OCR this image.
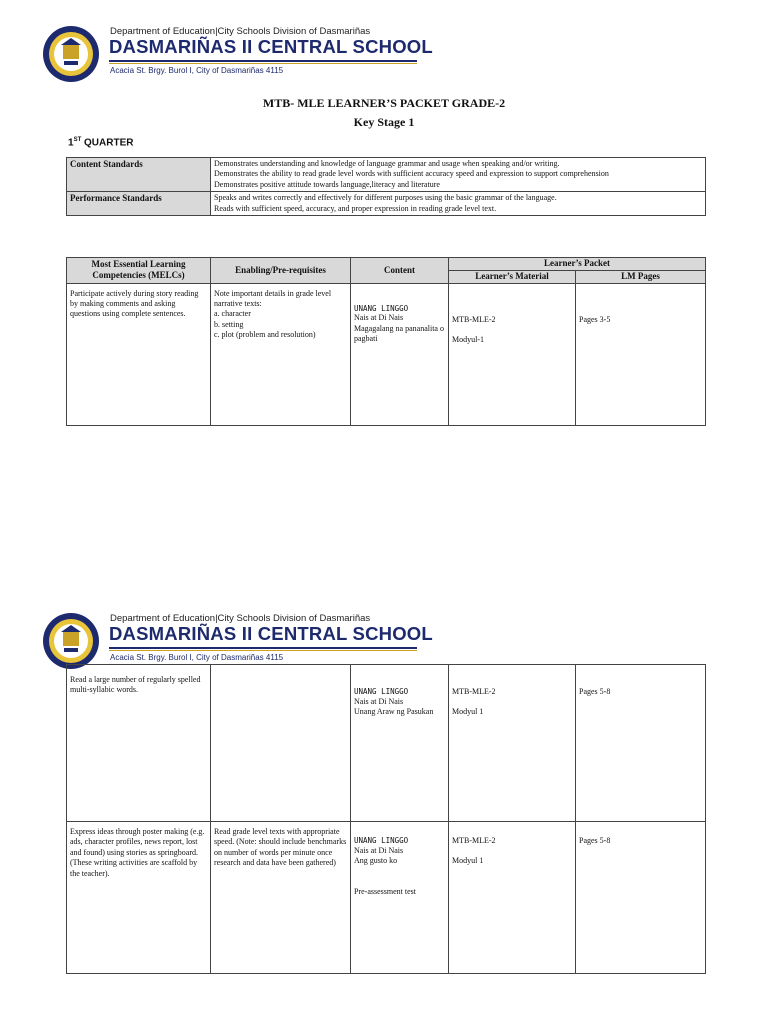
Department of Education|City Schools Division of Dasmariñas
DASMARIÑAS II CENTRAL SCHOOL
Acacia St. Brgy. Burol I, City of Dasmariñas 4115
MTB- MLE LEARNER’S PACKET GRADE-2
Key Stage 1
1ST QUARTER
Content Standards	Demonstrates understanding and knowledge of language grammar and usage when speaking and/or writing.
Demonstrates the ability to read grade level words with sufficient accuracy speed and expression to support comprehension
Demonstrates positive attitude towards language,literacy and literature

Performance Standards	Speaks and writes correctly and effectively for different purposes using the basic grammar of the language.
Reads with sufficient speed, accuracy, and proper expression in reading grade level text.
Most Essential Learning Competencies (MELCs)	Enabling/Pre-requisites	Content	Learner’s Packet	
			Learner’s Material	LM Pages
Participate actively during story reading by making comments and asking questions using complete sentences.	Note important details in grade level narrative texts:
a. character
b. setting
c. plot (problem and resolution)	UNANG LINGGO
Nais at Di Nais
Magagalang na pananalita o pagbati	MTB-MLE-2
Modyul-1	Pages 3-5
Department of Education|City Schools Division of Dasmariñas
DASMARIÑAS II CENTRAL SCHOOL
Acacia St. Brgy. Burol I, City of Dasmariñas 4115
Read a large number of regularly spelled multi-syllabic words.		UNANG LINGGO
Nais at Di Nais
Unang Araw ng Pasukan	MTB-MLE-2
Modyul 1	Pages 5-8
Express ideas through poster making (e.g. ads, character profiles, news report, lost and found) using stories as springboard. (These writing activities are scaffold by the teacher).	Read grade level texts with appropriate speed. (Note: should include benchmarks on number of words per minute once research and data have been gathered)	UNANG LINGGO
Nais at Di Nais
Ang gusto ko
Pre-assessment test	MTB-MLE-2
Modyul 1	Pages 5-8
